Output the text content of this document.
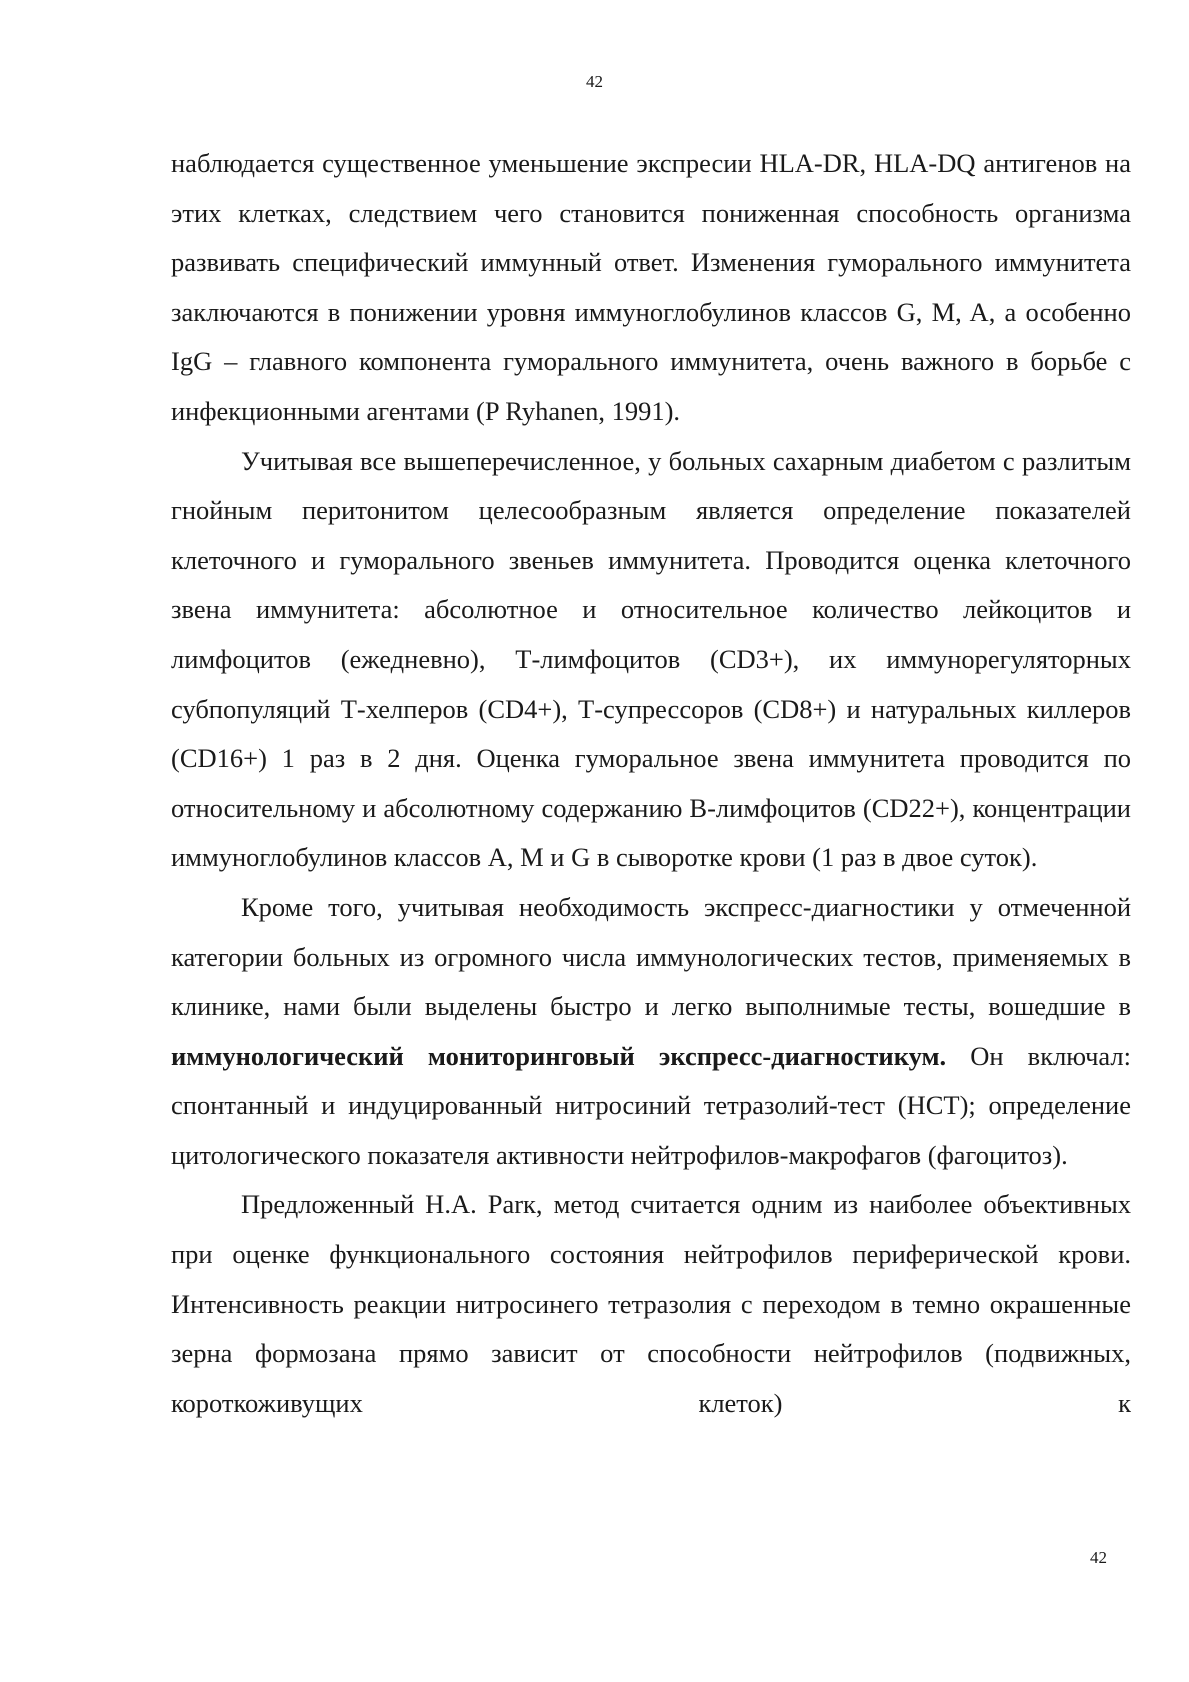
42

наблюдается существенное уменьшение экспресии HLA-DR, HLA-DQ антигенов на этих клетках, следствием чего становится пониженная способность организма развивать специфический иммунный ответ. Изменения гуморального иммунитета заключаются в понижении уровня иммуноглобулинов классов G, M, A, а особенно IgG – главного компонента гуморального иммунитета, очень важного в борьбе с инфекционными агентами (P Ryhanen, 1991).

Учитывая все вышеперечисленное, у больных сахарным диабетом с разлитым гнойным перитонитом целесообразным является определение показателей клеточного и гуморального звеньев иммунитета. Проводится оценка клеточного звена иммунитета: абсолютное и относительное количество лейкоцитов и лимфоцитов (ежедневно), Т-лимфоцитов (CD3+), их иммунорегуляторных субпопуляций Т-хелперов (CD4+), Т-супрессоров (CD8+) и натуральных киллеров (CD16+) 1 раз в 2 дня. Оценка гуморальное звена иммунитета проводится по относительному и абсолютному содержанию В-лимфоцитов (CD22+), концентрации иммуноглобулинов классов A, M и G в сыворотке крови (1 раз в двое суток).

Кроме того, учитывая необходимость экспресс-диагностики у отмеченной категории больных из огромного числа иммунологических тестов, применяемых в клинике, нами были выделены быстро и легко выполнимые тесты, вошедшие в иммунологический мониторинговый экспресс-диагностикум. Он включал: спонтанный и индуцированный нитросиний тетразолий-тест (НСТ); определение цитологического показателя активности нейтрофилов-макрофагов (фагоцитоз).

Предложенный Н.А. Parк, метод считается одним из наиболее объективных при оценке функционального состояния нейтрофилов периферической крови. Интенсивность реакции нитросинего тетразолия с переходом в темно окрашенные зерна формозана прямо зависит от способности нейтрофилов (подвижных, короткоживущих клеток) к

42
